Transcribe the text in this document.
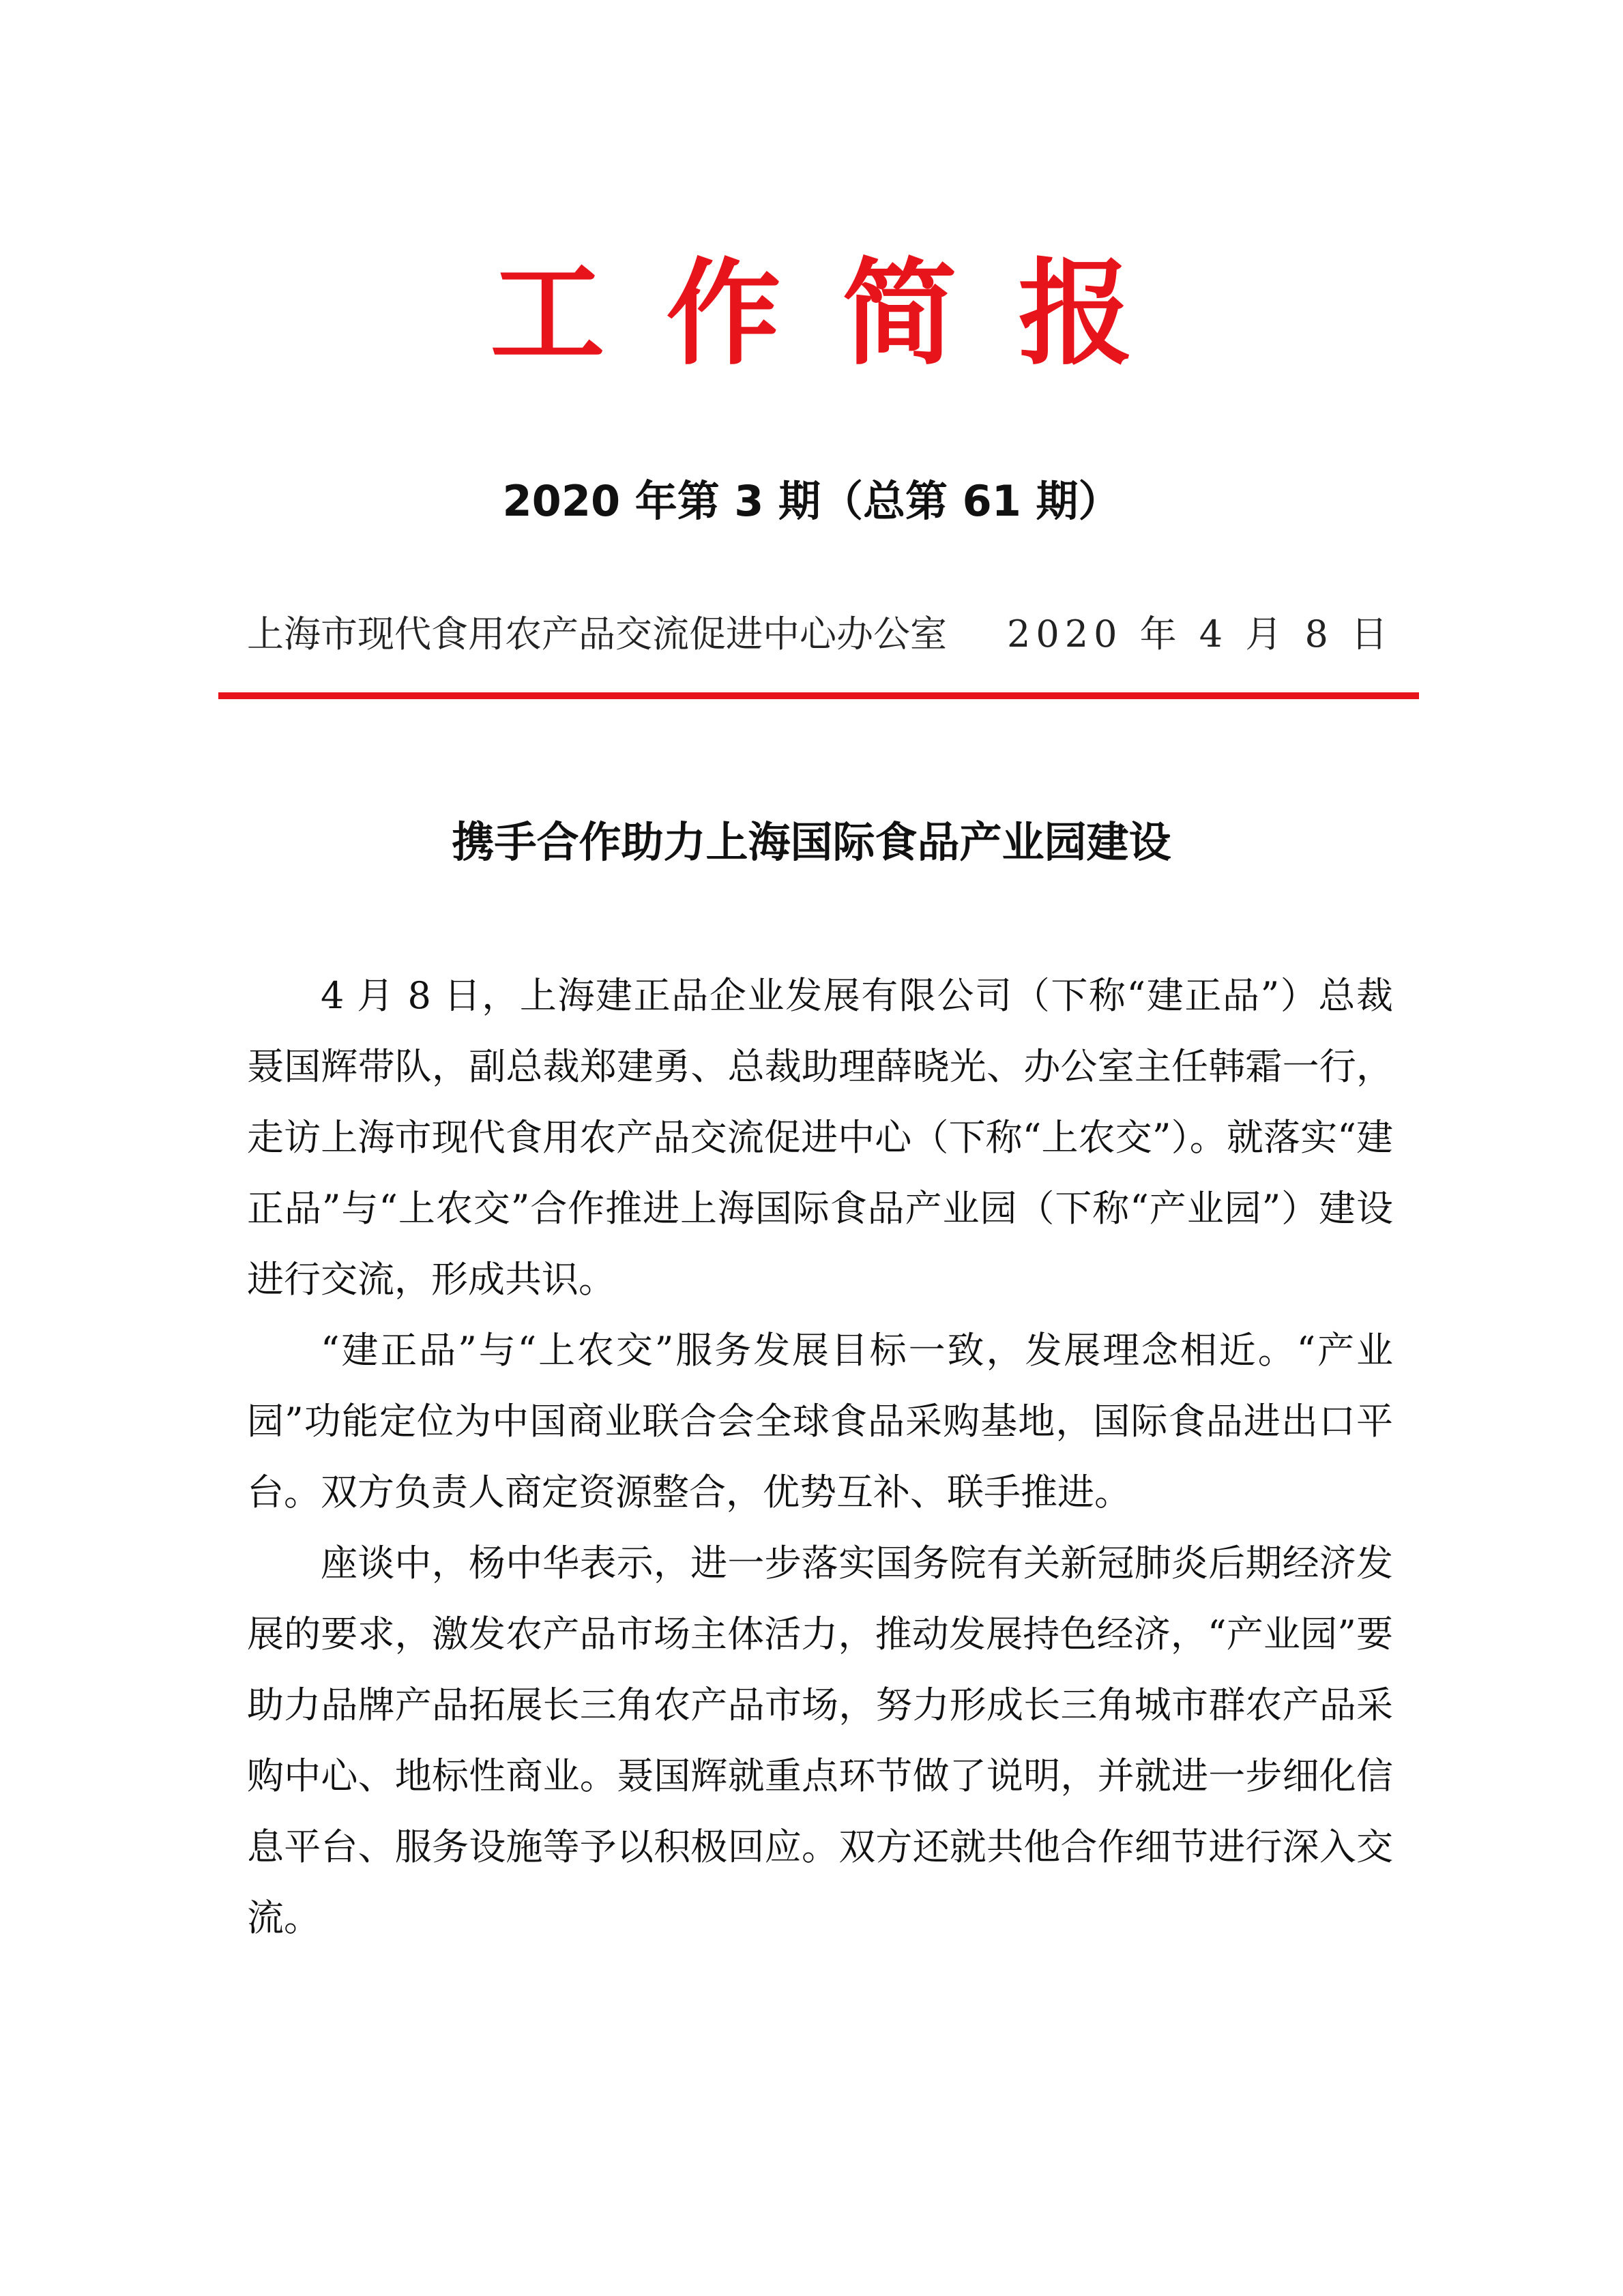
工作简报
2020 年第 3 期（总第 61 期）
上海市现代食用农产品交流促进中心办公室 2020 年 4 月 8 日
携手合作助力上海国际食品产业园建设

4 月 8 日，上海建正品企业发展有限公司（下称“建正品”）总裁聂国辉带队，副总裁郑建勇、总裁助理薛晓光、办公室主任韩霜一行，走访上海市现代食用农产品交流促进中心（下称“上农交”）。就落实“建正品”与“上农交”合作推进上海国际食品产业园（下称“产业园”）建设进行交流，形成共识。

“建正品”与“上农交”服务发展目标一致，发展理念相近。“产业园”功能定位为中国商业联合会全球食品采购基地，国际食品进出口平台。双方负责人商定资源整合，优势互补、联手推进。

座谈中，杨中华表示，进一步落实国务院有关新冠肺炎后期经济发展的要求，激发农产品市场主体活力，推动发展持色经济，“产业园”要助力品牌产品拓展长三角农产品市场，努力形成长三角城市群农产品采购中心、地标性商业。聂国辉就重点环节做了说明，并就进一步细化信息平台、服务设施等予以积极回应。双方还就共他合作细节进行深入交流。
